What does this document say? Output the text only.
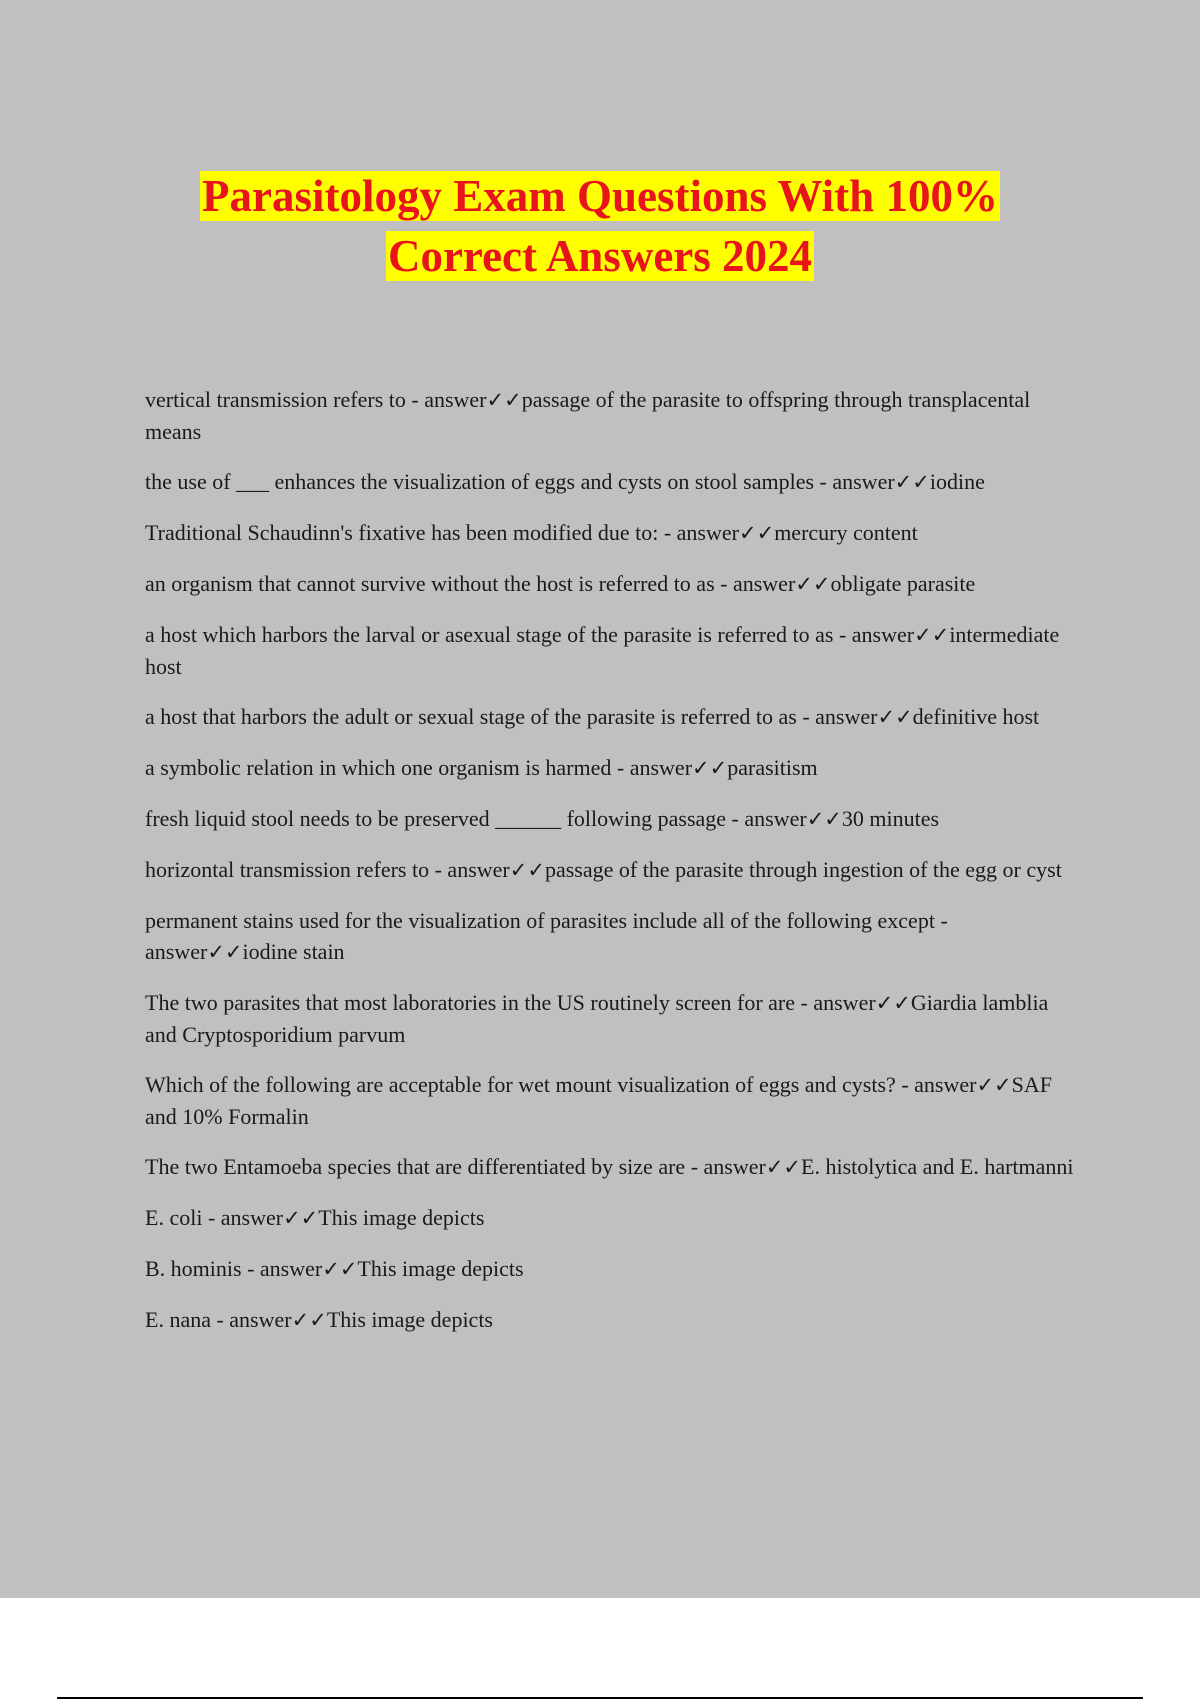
Parasitology Exam Questions With 100%
Correct Answers 2024
vertical transmission refers to - answer✓✓passage of the parasite to offspring through transplacental means
the use of ___ enhances the visualization of eggs and cysts on stool samples - answer✓✓iodine
Traditional Schaudinn's fixative has been modified due to: - answer✓✓mercury content
an organism that cannot survive without the host is referred to as - answer✓✓obligate parasite
a host which harbors the larval or asexual stage of the parasite is referred to as - answer✓✓intermediate host
a host that harbors the adult or sexual stage of the parasite is referred to as - answer✓✓definitive host
a symbolic relation in which one organism is harmed - answer✓✓parasitism
fresh liquid stool needs to be preserved ______ following passage - answer✓✓30 minutes
horizontal transmission refers to - answer✓✓passage of the parasite through ingestion of the egg or cyst
permanent stains used for the visualization of parasites include all of the following except - answer✓✓iodine stain
The two parasites that most laboratories in the US routinely screen for are - answer✓✓Giardia lamblia and Cryptosporidium parvum
Which of the following are acceptable for wet mount visualization of eggs and cysts? - answer✓✓SAF and 10% Formalin
The two Entamoeba species that are differentiated by size are - answer✓✓E. histolytica and E. hartmanni
E. coli - answer✓✓This image depicts
B. hominis - answer✓✓This image depicts
E. nana - answer✓✓This image depicts
